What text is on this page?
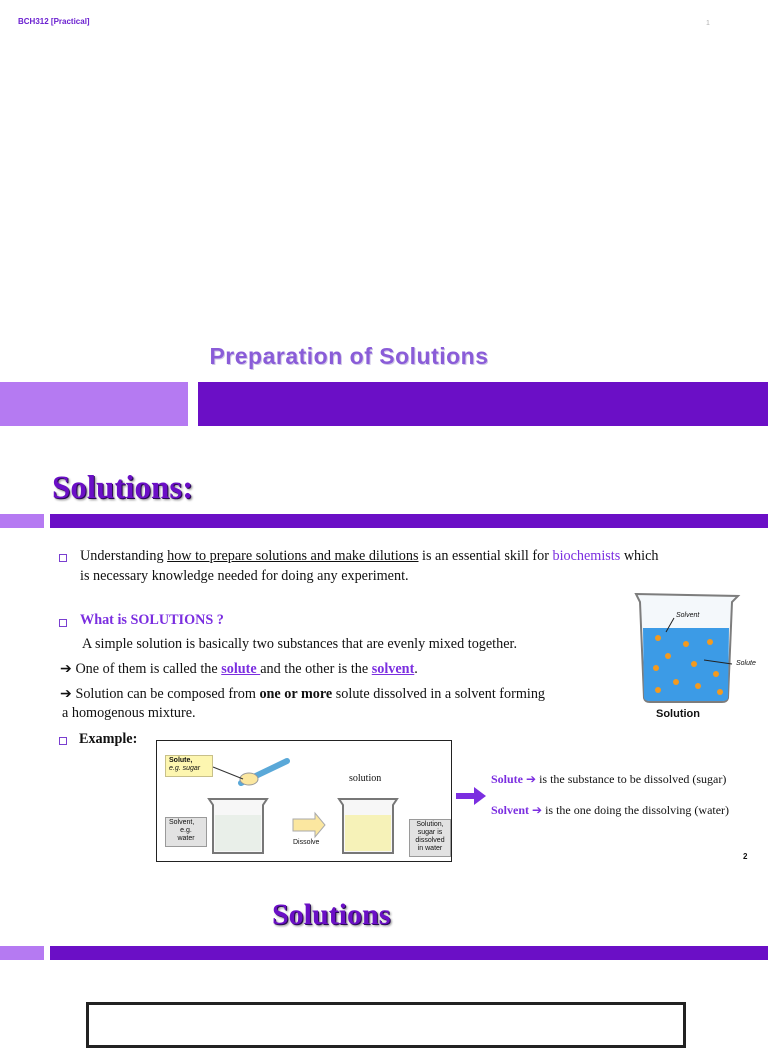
BCH312 [Practical]	1
Preparation of Solutions
Solutions:
Understanding how to prepare solutions and make dilutions is an essential skill for biochemists which
is necessary knowledge needed for doing any experiment.
What is SOLUTIONS ?
A simple solution is basically two substances that are evenly mixed together.
➔ One of them is called the solute and the other is the solvent.
➔ Solution can be composed from one or more solute dissolved in a solvent forming
a homogenous mixture.
Example:
Solvent
Solute
Solution
Solute,
e.g. sugar
Solvent,
e.g.
water
Solution,
sugar is
dissolved
in water
Dissolve
solution	Solute ➔ is the substance to be dissolved (sugar)
Solvent ➔ is the one doing the dissolving (water)
2
Solutions
